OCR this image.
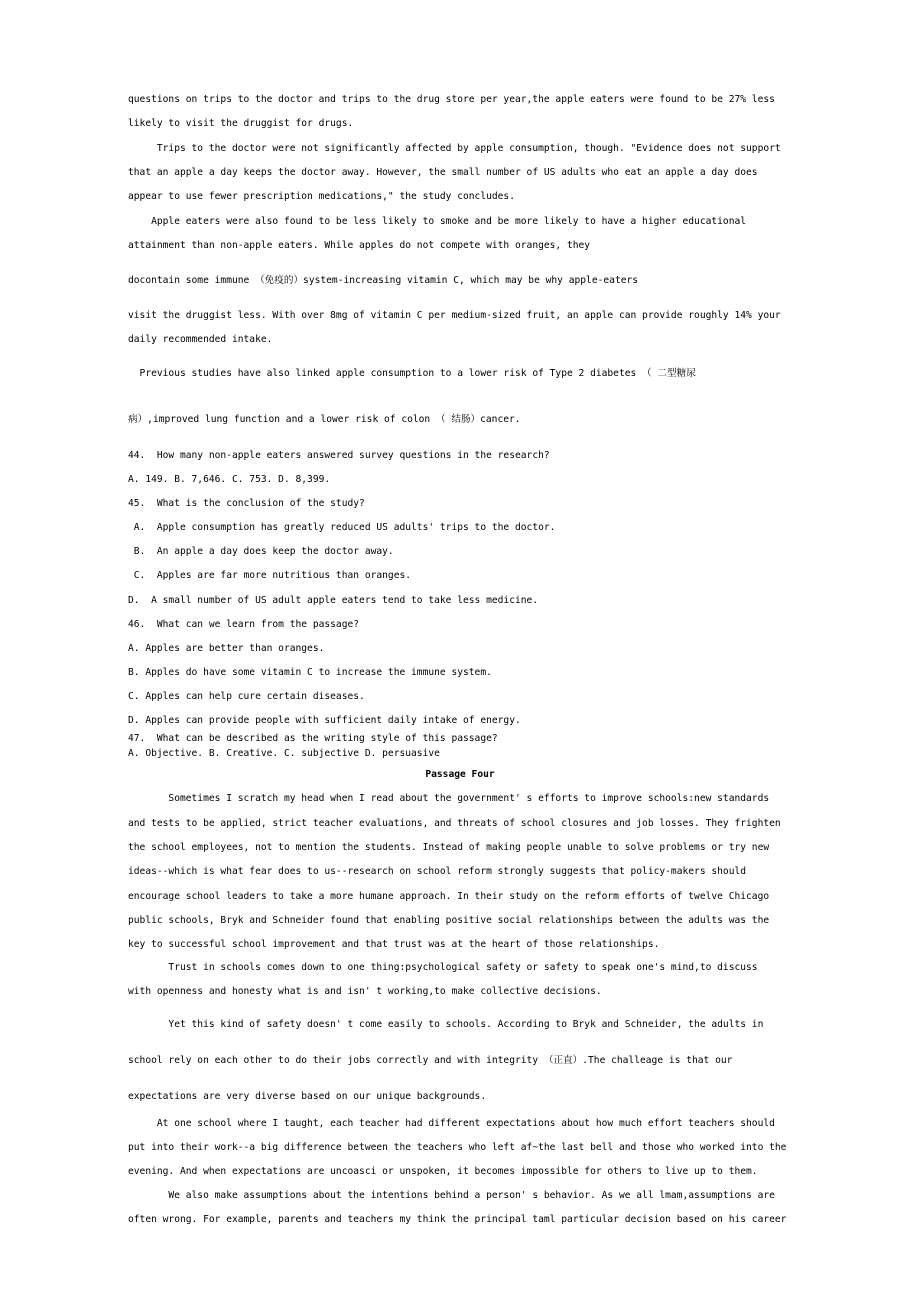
questions on trips to the doctor and trips to the drug store per year,the apple eaters were found to be 27% less
likely to visit the druggist for drugs.
Trips to the doctor were not significantly affected by apple consumption, though. "Evidence does not support
that an apple a day keeps the doctor away. However, the small number of US adults who eat an apple a day does
appear to use fewer prescription medications," the study concludes.
Apple eaters were also found to be less likely to smoke and be more likely to have a higher educational
attainment than non-apple eaters. While apples do not compete with oranges, they
docontain some immune （免疫的）system-increasing vitamin C, which may be why apple-eaters
visit the druggist less. With over 8mg of vitamin C per medium-sized fruit, an apple can provide roughly 14% your
daily recommended intake.
Previous studies have also linked apple consumption to a lower risk of Type 2 diabetes （ 二型糖尿
病）,improved lung function and a lower risk of colon （ 结肠）cancer.
44.  How many non-apple eaters answered survey questions in the research?
A. 149. B. 7,646. C. 753. D. 8,399.
45.  What is the conclusion of the study?
A.  Apple consumption has greatly reduced US adults' trips to the doctor.
B.  An apple a day does keep the doctor away.
C.  Apples are far more nutritious than oranges.
D.  A small number of US adult apple eaters tend to take less medicine.
46.  What can we learn from the passage?
A. Apples are better than oranges.
B. Apples do have some vitamin C to increase the immune system.
C. Apples can help cure certain diseases.
D. Apples can provide people with sufficient daily intake of energy.
47.  What can be described as the writing style of this passage?
A. Objective. B. Creative. C. subjective D. persuasive
Passage Four
Sometimes I scratch my head when I read about the government' s efforts to improve schools:new standards
and tests to be applied, strict teacher evaluations, and threats of school closures and job losses. They frighten
the school employees, not to mention the students. Instead of making people unable to solve problems or try new
ideas--which is what fear does to us--research on school reform strongly suggests that policy-makers should
encourage school leaders to take a more humane approach. In their study on the reform efforts of twelve Chicago
public schools, Bryk and Schneider found that enabling positive social relationships between the adults was the
key to successful school improvement and that trust was at the heart of those relationships.
Trust in schools comes down to one thing:psychological safety or safety to speak one's mind,to discuss
with openness and honesty what is and isn' t working,to make collective decisions.
Yet this kind of safety doesn' t come easily to schools. According to Bryk and Schneider, the adults in
school rely on each other to do their jobs correctly and with integrity （正直）.The challeage is that our
expectations are very diverse based on our unique backgrounds.
At one school where I taught, each teacher had different expectations about how much effort teachers should
put into their work--a big difference between the teachers who left af~the last bell and those who worked into the
evening. And when expectations are uncoasci or unspoken, it becomes impossible for others to live up to them.
We also make assumptions about the intentions behind a person' s behavior. As we all lmam,assumptions are
often wrong. For example, parents and teachers my think the principal taml particular decision based on his career
